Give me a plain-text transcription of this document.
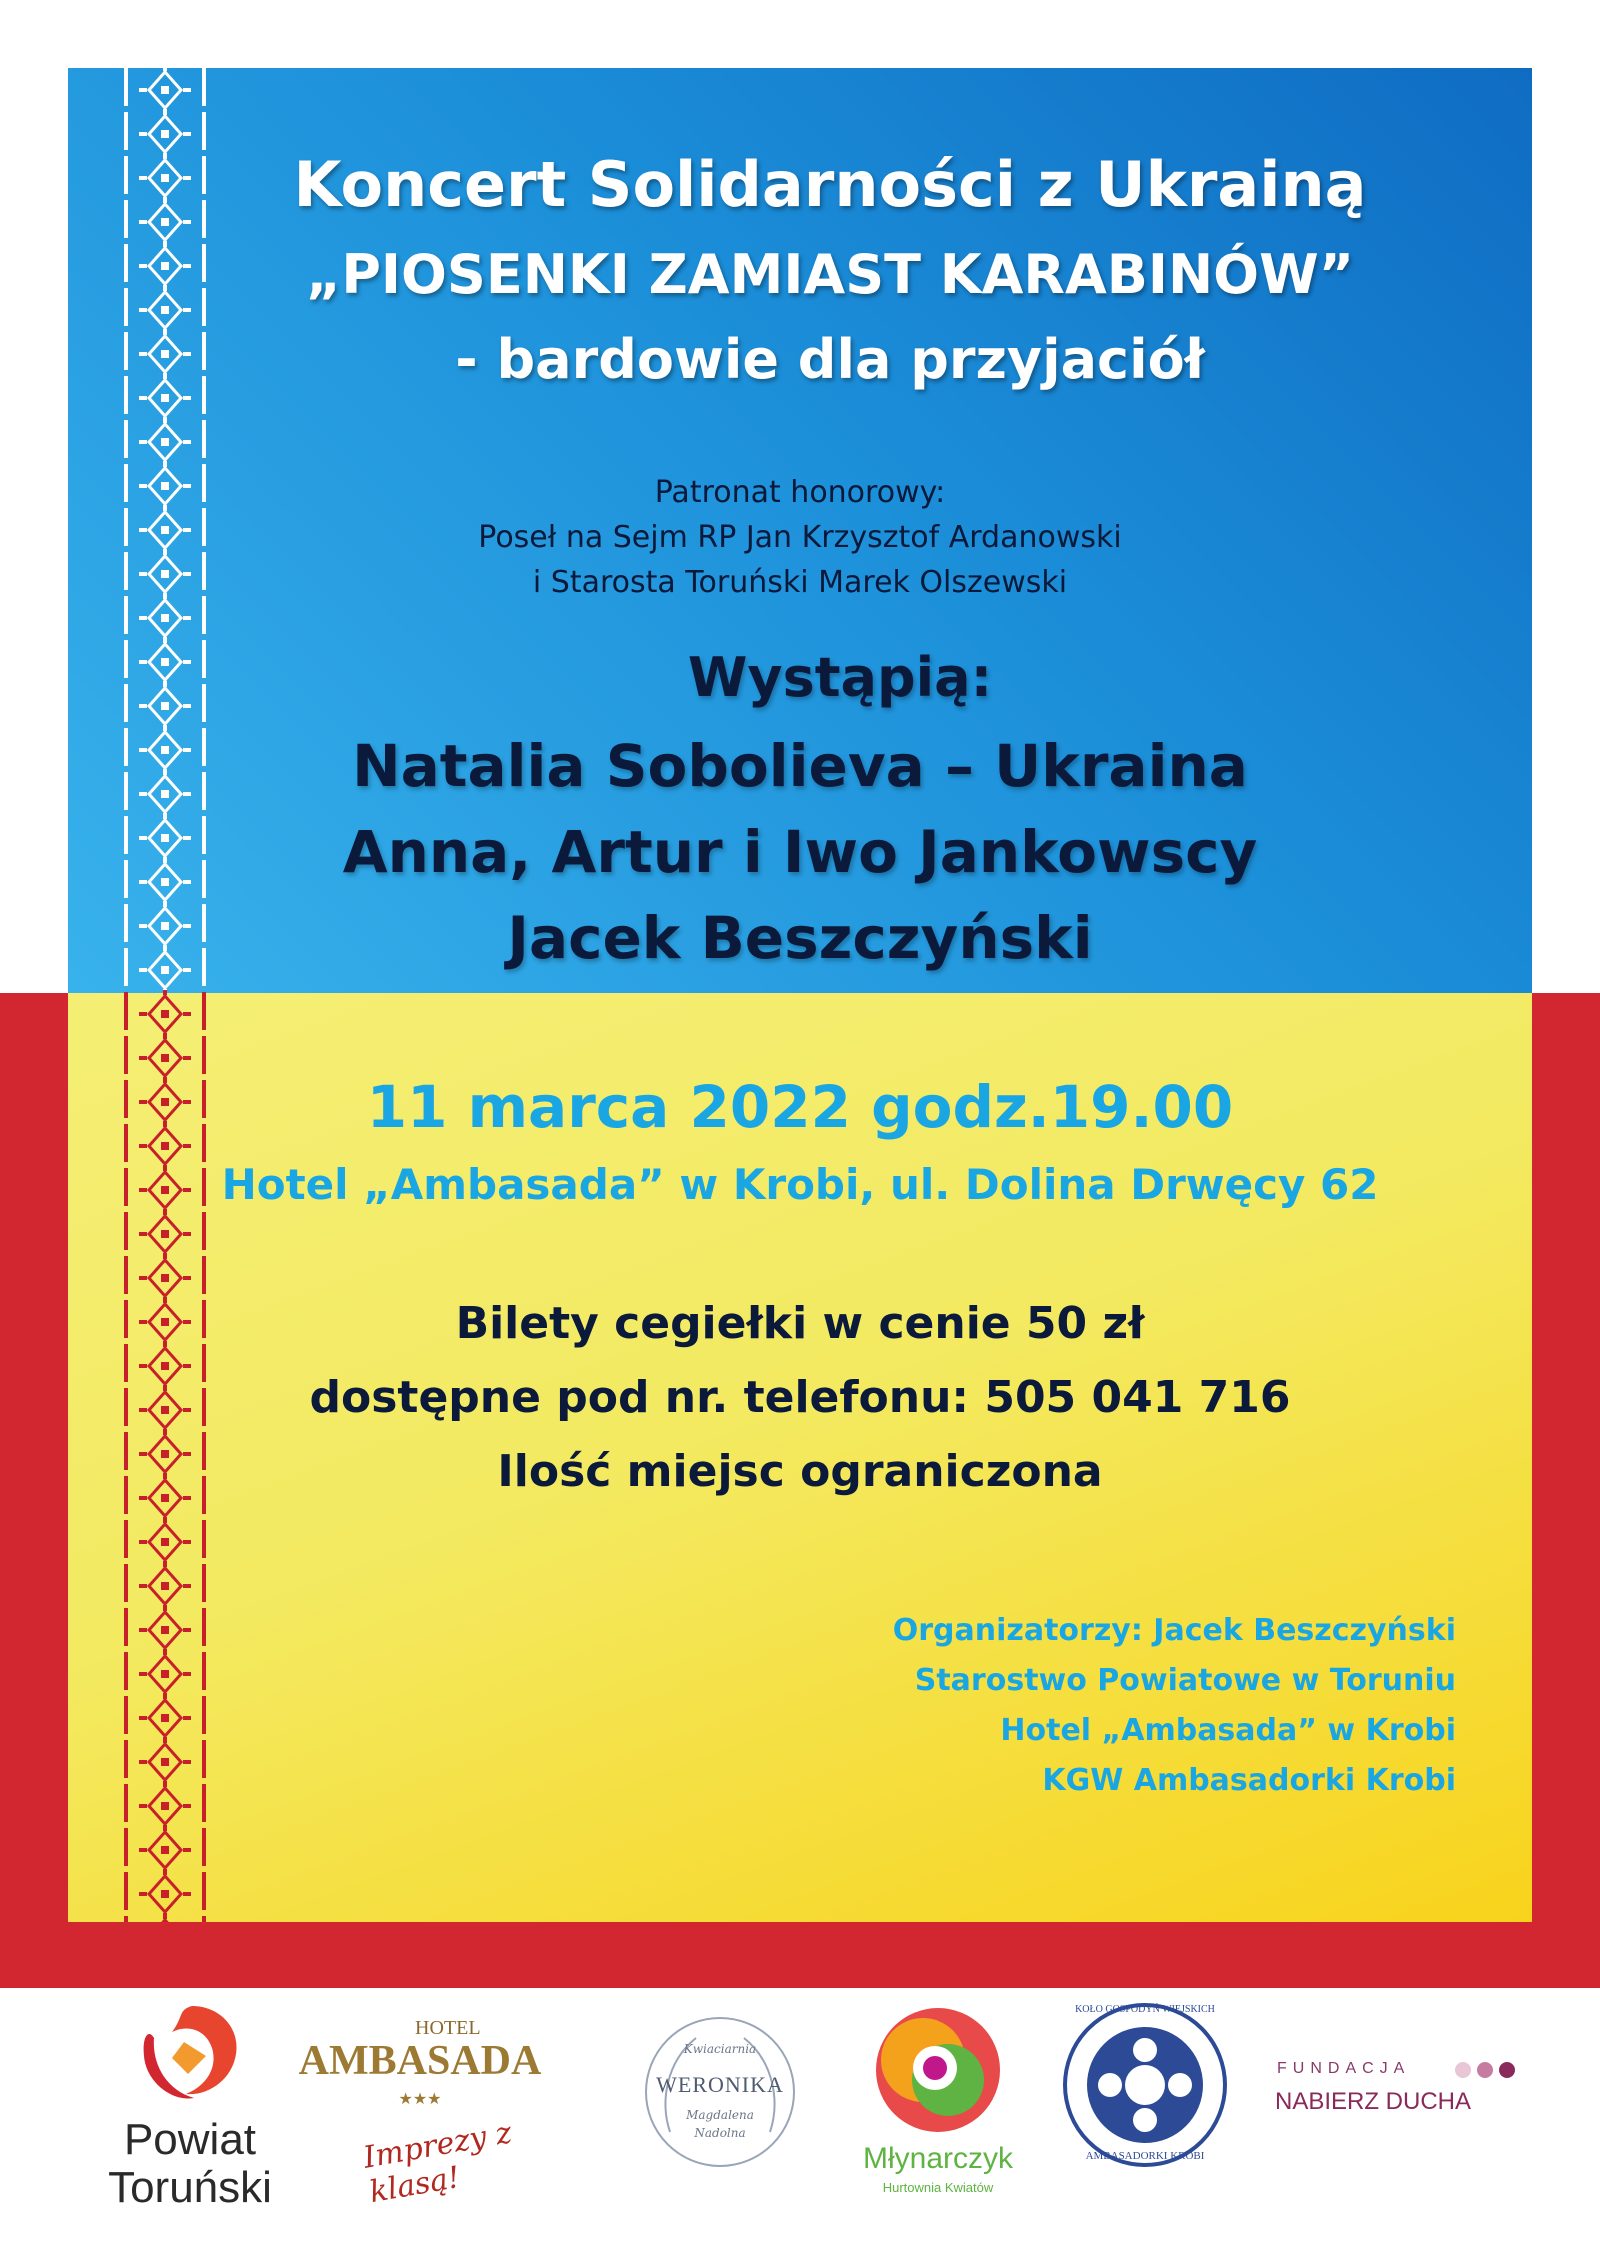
Koncert Solidarności z Ukrainą
„PIOSENKI ZAMIAST KARABINÓW”
- bardowie dla przyjaciół
Patronat honorowy:
Poseł na Sejm RP Jan Krzysztof Ardanowski
i Starosta Toruński Marek Olszewski
Wystąpią:
Natalia Sobolieva – Ukraina
Anna, Artur i Iwo Jankowscy
Jacek Beszczyński
11 marca 2022 godz.19.00
Hotel „Ambasada” w Krobi, ul. Dolina Drwęcy 62
Bilety cegiełki w cenie 50 zł
dostępne pod nr. telefonu: 505 041 716
Ilość miejsc ograniczona
Organizatorzy: Jacek Beszczyński
Starostwo Powiatowe w Toruniu
Hotel „Ambasada” w Krobi
KGW Ambasadorki Krobi
Powiat
Toruński
HOTEL
AMBASADA
★★★
Imprezy z klasą!
Kwiaciarnia
WERONIKA
Magdalena
Nadolna
Młynarczyk
Hurtownia Kwiatów
KOŁO GOSPODYŃ WIEJSKICH
AMBASADORKI KROBI
FUNDACJA
NABIERZ DUCHA
